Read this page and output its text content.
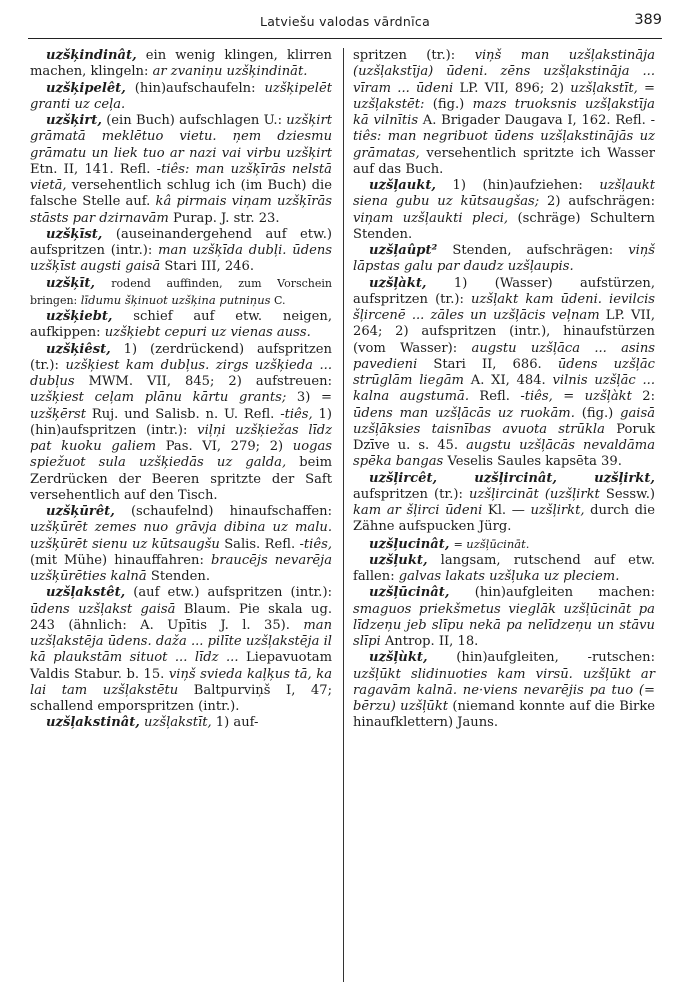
Latviešu valodas vārdnīca	389

uzšķindinât, ein wenig klingen, klirren machen, klingeln: ar zvaniņu uzšķindināt.

uzšķipelêt, (hin)aufschaufeln: uzšķipelēt granti uz ceļa.

uzšķirt, (ein Buch) aufschlagen U.: uzšķirt grāmatā meklētuo vietu. ņem dziesmu grāmatu un liek tuo ar nazi vai virbu uzšķirt Etn. II, 141. Refl. -tiês: man uzšķīrās nelstā vietā, versehentlich schlug ich (im Buch) die falsche Stelle auf. kâ pirmais viņam uzšķīrās stāsts par dzirnavām Purap. J. str. 23.

uzšķīst, (auseinandergehend auf etw.) aufspritzen (intr.): man uzšķīda dubļi. ūdens uzšķīst augsti gaisā Stari III, 246.

uzšķīt, rodend auffinden, zum Vorschein bringen: līdumu šķinuot uzšķina putniņus C.

uzšķiebt, schief auf etw. neigen, aufkippen: uzšķiebt cepuri uz vienas auss.

uzšķiêst, 1) (zerdrückend) aufspritzen (tr.): uzšķiest kam dubļus. zirgs uzšķieda ... dubļus MWM. VII, 845; 2) aufstreuen: uzšķiest ceļam plānu kārtu grants; 3) = uzšķērst Ruj. und Salisb. n. U. Refl. -tiês, 1) (hin)aufspritzen (intr.): viļņi uzšķiežas līdz pat kuoku galiem Pas. VI, 279; 2) uogas spiežuot sula uzšķiedās uz galda, beim Zerdrücken der Beeren spritzte der Saft versehentlich auf den Tisch.

uzšķūrêt, (schaufelnd) hinaufschaffen: uzšķūrēt zemes nuo grāvja dibina uz malu. uzšķūrēt sienu uz kūtsaugšu Salis. Refl. -tiês, (mit Mühe) hinauffahren: braucējs nevarēja uzšķūrēties kalnā Stenden.

uzšļakstêt, (auf etw.) aufspritzen (intr.): ūdens uzšļakst gaisā Blaum. Pie skala ug. 243 (ähnlich: A. Upītis J. l. 35). man uzšļakstēja ūdens. daža ... pilīte uzšļakstēja il kā plaukstām situot ... līdz ... Liepavuotam Valdis Stabur. b. 15. viņš svieda kaļķus tā, ka lai tam uzšļakstētu Baltpurviņš I, 47; schallend emporspritzen (intr.).

uzšļakstinât, uzšļakstīt, 1) auf-

spritzen (tr.): viņš man uzšļakstināja (uzšļakstīja) ūdeni. zēns uzšļakstināja ... vīram ... ūdeni LP. VII, 896; 2) uzšļakstīt, = uzšļakstēt: (fig.) mazs truoksnis uzšļakstīja kā vilnītis A. Brigader Daugava I, 162. Refl. -tiês: man negribuot ūdens uzšļakstinājās uz grāmatas, versehentlich spritzte ich Wasser auf das Buch.

uzšļaukt, 1) (hin)aufziehen: uzšļaukt siena gubu uz kūtsaugšas; 2) aufschrägen: viņam uzšļaukti pleci, (schräge) Schultern Stenden.

uzšļaûpt² Stenden, aufschrägen: viņš lāpstas galu par daudz uzšļaupis.

uzšļàkt, 1) (Wasser) aufstürzen, aufspritzen (tr.): uzšļakt kam ūdeni. ievilcis šļircenē ... zāles un uzšļācis veļnam LP. VII, 264; 2) aufspritzen (intr.), hinaufstürzen (vom Wasser): augstu uzšļāca ... asins pavedieni Stari II, 686. ūdens uzšļāc strūglām liegām A. XI, 484. vilnis uzšļāc ... kalna augstumā. Refl. -tiês, = uzšļàkt 2: ūdens man uzšļācās uz ruokām. (fig.) gaisā uzšļāksies taisnības avuota strūkla Poruk Dzīve u. s. 45. augstu uzšļācās nevaldāma spēka bangas Veselis Saules kapsēta 39.

uzšļircêt, uzšļircinât, uzšļirkt, aufspritzen (tr.): uzšļircināt (uzšļirkt Sessw.) kam ar šļirci ūdeni Kl. — uzšļirkt, durch die Zähne aufspucken Jürg.

uzšļucinât, = uzšļūcināt.

uzšļukt, langsam, rutschend auf etw. fallen: galvas lakats uzšļuka uz pleciem.

uzšļūcinât, (hin)aufgleiten machen: smaguos priekšmetus vieglāk uzšļūcināt pa līdzeņu jeb slīpu nekā pa nelīdzeņu un stāvu slīpi Antrop. II, 18.

uzšļùkt, (hin)aufgleiten, -rutschen: uzšļūkt slidinuoties kam virsū. uzšļūkt ar ragavām kalnā. ne·viens nevarējis pa tuo (= bērzu) uzšļūkt (niemand konnte auf die Birke hinaufklettern) Jauns.
